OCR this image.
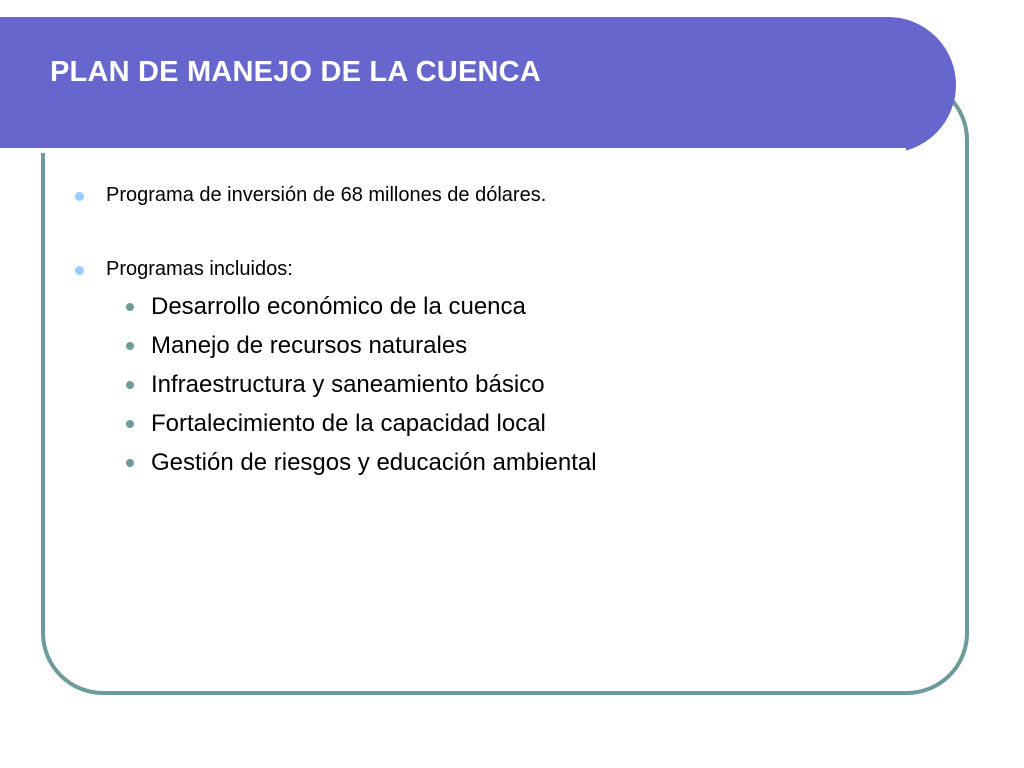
PLAN DE MANEJO DE LA CUENCA
Programa de inversión de 68 millones de dólares.
Programas incluidos:
Desarrollo económico de la cuenca
Manejo de recursos naturales
Infraestructura y saneamiento básico
Fortalecimiento de la capacidad local
Gestión de riesgos y educación ambiental
